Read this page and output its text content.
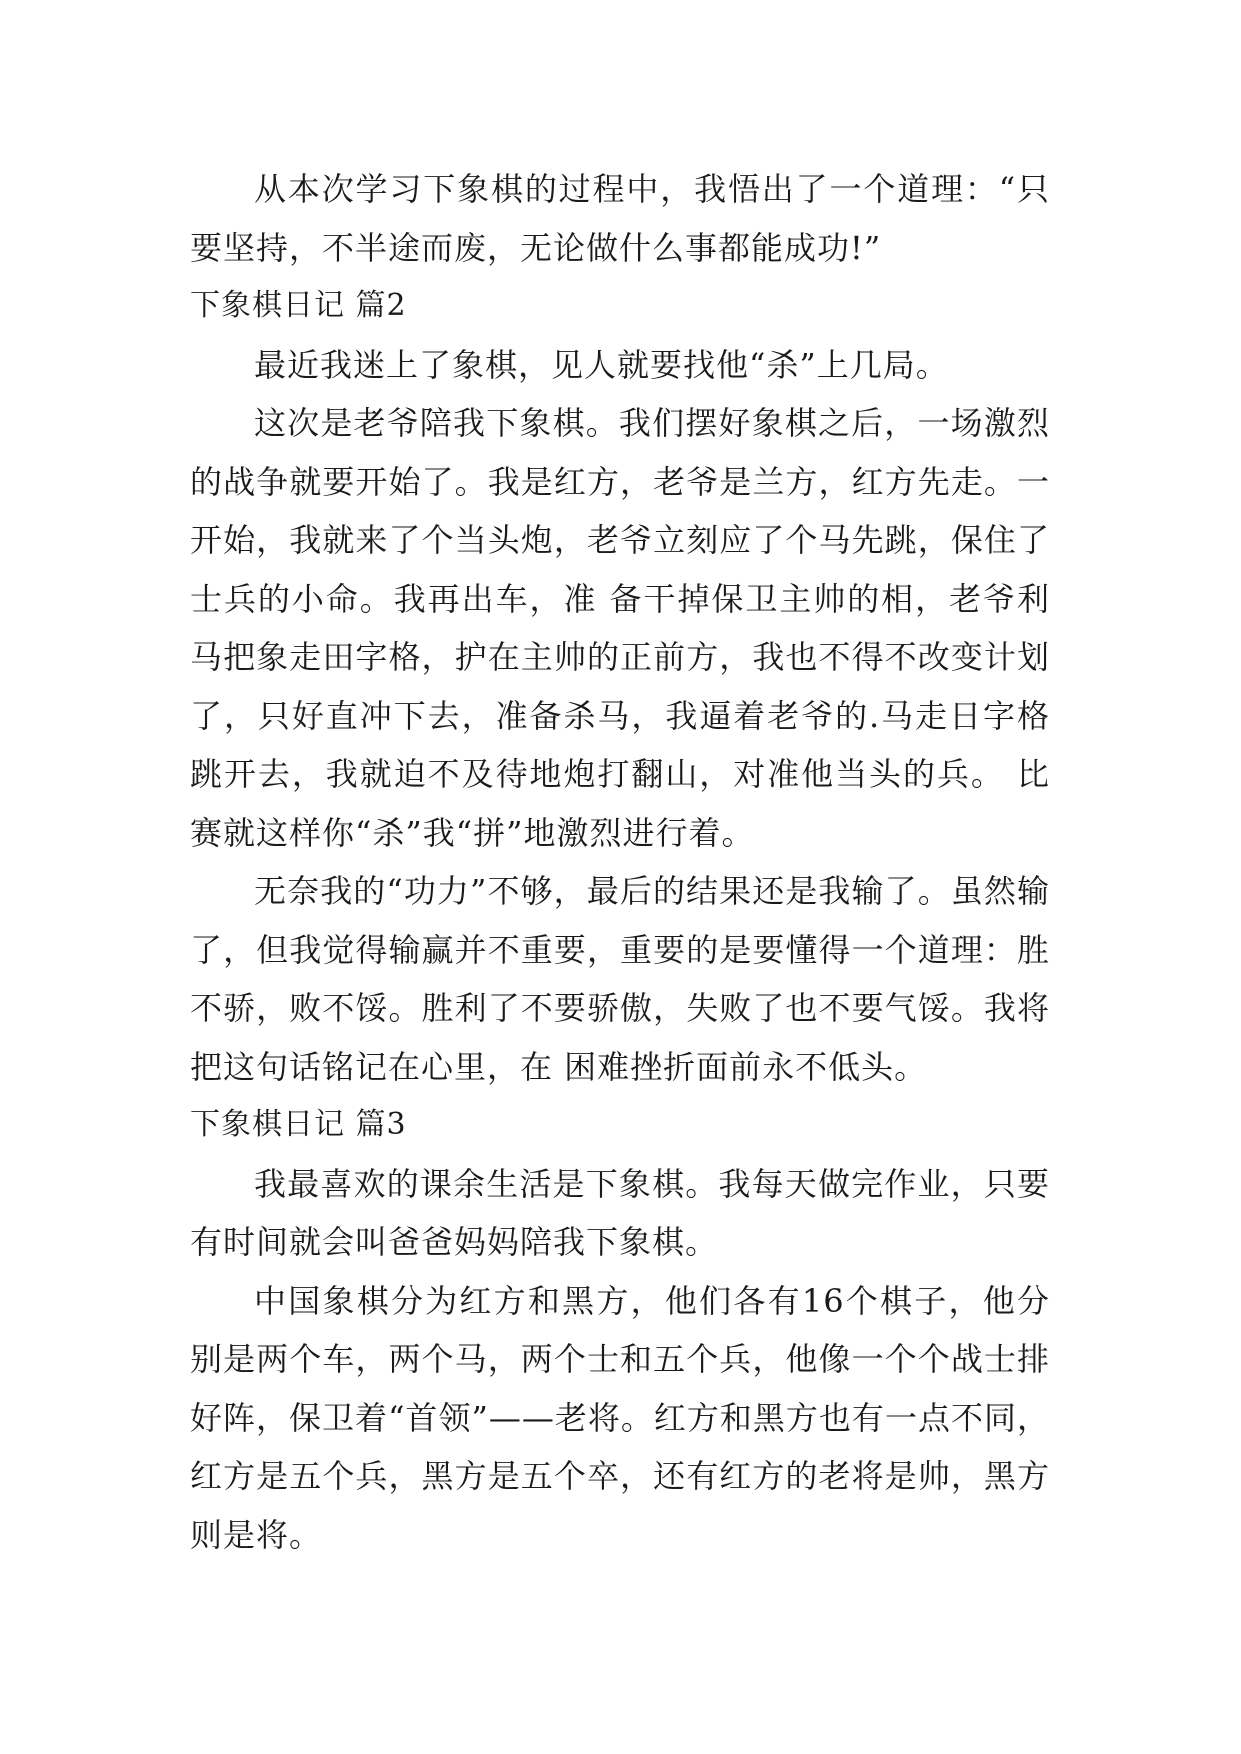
从本次学习下象棋的过程中，我悟出了一个道理：“只要坚持，不半途而废，无论做什么事都能成功!”

下象棋日记 篇2

最近我迷上了象棋，见人就要找他“杀”上几局。

这次是老爷陪我下象棋。我们摆好象棋之后，一场激烈的战争就要开始了。我是红方，老爷是兰方，红方先走。一开始，我就来了个当头炮，老爷立刻应了个马先跳，保住了士兵的小命。我再出车，准 备干掉保卫主帅的相，老爷利马把象走田字格，护在主帅的正前方，我也不得不改变计划了，只好直冲下去，准备杀马，我逼着老爷的.马走日字格跳开去，我就迫不及待地炮打翻山，对准他当头的兵。 比赛就这样你“杀”我“拼”地激烈进行着。

无奈我的“功力”不够，最后的结果还是我输了。虽然输了，但我觉得输赢并不重要，重要的是要懂得一个道理：胜不骄，败不馁。胜利了不要骄傲，失败了也不要气馁。我将把这句话铭记在心里，在 困难挫折面前永不低头。

下象棋日记 篇3

我最喜欢的课余生活是下象棋。我每天做完作业，只要有时间就会叫爸爸妈妈陪我下象棋。

中国象棋分为红方和黑方，他们各有16个棋子，他分别是两个车，两个马，两个士和五个兵，他像一个个战士排好阵，保卫着“首领”——老将。红方和黑方也有一点不同，红方是五个兵，黑方是五个卒，还有红方的老将是帅，黑方则是将。
